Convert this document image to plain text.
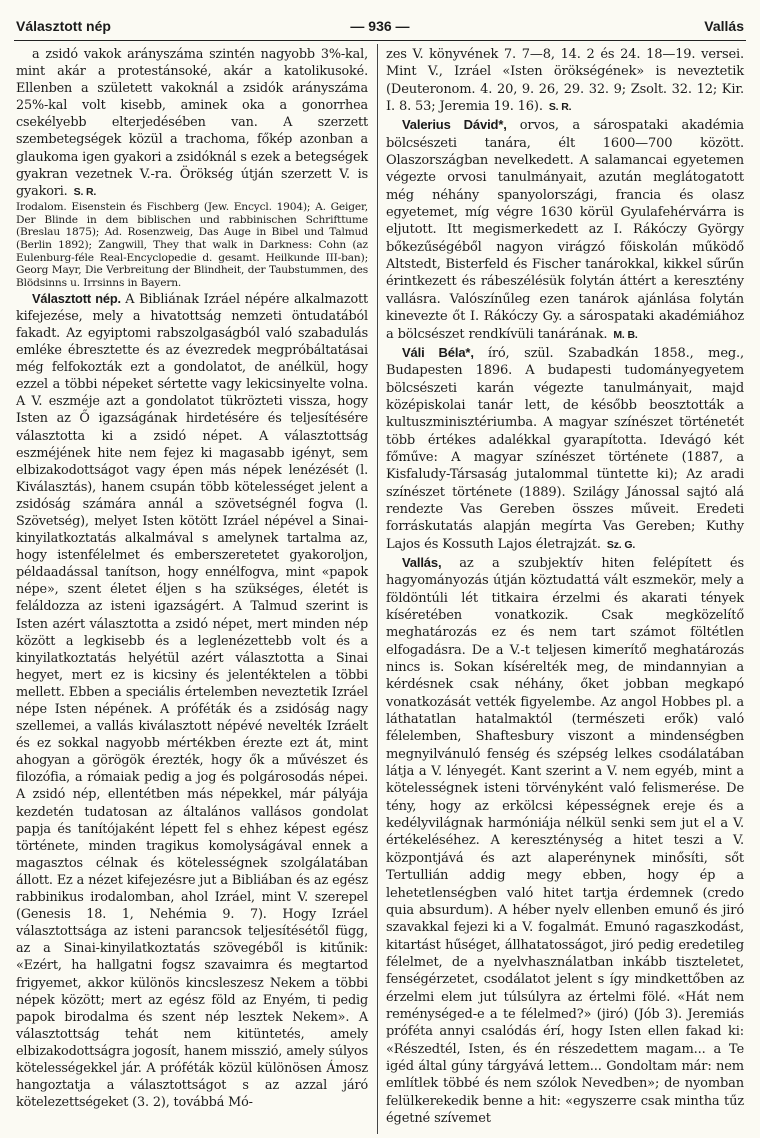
Választott nép	— 936 —	Vallás

a zsidó vakok arányszáma szintén nagyobb 3%-kal, mint akár a protestánsoké, akár a katolikusoké. Ellenben a született vakoknál a zsidók arányszáma 25%-kal volt kisebb, aminek oka a gonorrhea csekélyebb elterjedésében van. A szerzett szembetegségek közül a trachoma, főkép azonban a glaukoma igen gyakori a zsidóknál s ezek a betegségek gyakran vezetnek V.-ra. Örökség útján szerzett V. is gyakori. S. R.

Irodalom. Eisenstein és Fischberg (Jew. Encycl. 1904); A. Geiger, Der Blinde in dem biblischen und rabbinischen Schrifttume (Breslau 1875); Ad. Rosenzweig, Das Auge in Bibel und Talmud (Berlin 1892); Zangwill, They that walk in Darkness: Cohn (az Eulenburg-féle Real-Encyclopedie d. gesamt. Heilkunde III-ban); Georg Mayr, Die Verbreitung der Blindheit, der Taubstummen, des Blödsinns u. Irrsinns in Bayern.

Választott nép. A Bibliának Izráel népére alkalmazott kifejezése, mely a hivatottság nemzeti öntudatából fakadt. Az egyiptomi rabszolgaságból való szabadulás emléke ébresztette és az évezredek megpróbáltatásai még felfokozták ezt a gondolatot, de anélkül, hogy ezzel a többi népeket sértette vagy lekicsinyelte volna. A V. eszméje azt a gondolatot tükrözteti vissza, hogy Isten az Ő igazságának hirdetésére és teljesítésére választotta ki a zsidó népet. A választottság eszméjének hite nem fejez ki magasabb igényt, sem elbizakodottságot vagy épen más népek lenézését (l. Kiválasztás), hanem csupán több kötelességet jelent a zsidóság számára annál a szövetségnél fogva (l. Szövetség), melyet Isten kötött Izráel népével a Sinai-kinyilatkoztatás alkalmával s amelynek tartalma az, hogy istenfélelmet és emberszeretetet gyakoroljon, példaadással tanítson, hogy ennélfogva, mint «papok népe», szent életet éljen s ha szükséges, életét is feláldozza az isteni igazságért. A Talmud szerint is Isten azért választotta a zsidó népet, mert minden nép között a legkisebb és a leglenézettebb volt és a kinyilatkoztatás helyétül azért választotta a Sinai hegyet, mert ez is kicsiny és jelentéktelen a többi mellett. Ebben a speciális értelemben neveztetik Izráel népe Isten népének. A próféták és a zsidóság nagy szellemei, a vallás kiválasztott népévé nevelték Izráelt és ez sokkal nagyobb mértékben érezte ezt át, mint ahogyan a görögök érezték, hogy ők a művészet és filozófia, a rómaiak pedig a jog és polgárosodás népei. A zsidó nép, ellentétben más népekkel, már pályája kezdetén tudatosan az általános vallásos gondolat papja és tanítójaként lépett fel s ehhez képest egész története, minden tragikus komolyságával ennek a magasztos célnak és kötelességnek szolgálatában állott. Ez a nézet kifejezésre jut a Bibliában és az egész rabbinikus irodalomban, ahol Izráel, mint V. szerepel (Genesis 18. 1, Nehémia 9. 7). Hogy Izráel választottsága az isteni parancsok teljesítésétől függ, az a Sinai-kinyilatkoztatás szövegéből is kitűnik: «Ezért, ha hallgatni fogsz szavaimra és megtartod frigyemet, akkor különös kincsleszesz Nekem a többi népek között; mert az egész föld az Enyém, ti pedig papok birodalma és szent nép lesztek Nekem». A választottság tehát nem kitüntetés, amely elbizakodottságra jogosít, hanem misszió, amely súlyos kötelességekkel jár. A próféták közül különösen Ámosz hangoztatja a választottságot s az azzal járó kötelezettségeket (3. 2), továbbá Mó-

zes V. könyvének 7. 7—8, 14. 2 és 24. 18—19. versei. Mint V., Izráel «Isten örökségének» is neveztetik (Deuteronom. 4. 20, 9. 26, 29. 32. 9; Zsolt. 32. 12; Kir. I. 8. 53; Jeremia 19. 16). S. R.

Valerius Dávid*, orvos, a sárospataki akadémia bölcsészeti tanára, élt 1600—700 között. Olaszországban nevelkedett. A salamancai egyetemen végezte orvosi tanulmányait, azután meglátogatott még néhány spanyolországi, francia és olasz egyetemet, míg végre 1630 körül Gyulafehérvárra is eljutott. Itt megismerkedett az I. Rákóczy György bőkezűségéből nagyon virágzó főiskolán működő Altstedt, Bisterfeld és Fischer tanárokkal, kikkel sűrűn érintkezett és rábeszélésük folytán áttért a keresztény vallásra. Valószínűleg ezen tanárok ajánlása folytán kinevezte őt I. Rákóczy Gy. a sárospataki akadémiához a bölcsészet rendkívüli tanárának. M. B.

Váli Béla*, író, szül. Szabadkán 1858., meg., Budapesten 1896. A budapesti tudományegyetem bölcsészeti karán végezte tanulmányait, majd középiskolai tanár lett, de később beosztották a kultuszminisztériumba. A magyar színészet történetét több értékes adalékkal gyarapította. Idevágó két főműve: A magyar színészet története (1887, a Kisfaludy-Társaság jutalommal tüntette ki); Az aradi színészet története (1889). Szilágy Jánossal sajtó alá rendezte Vas Gereben összes műveit. Eredeti forráskutatás alapján megírta Vas Gereben; Kuthy Lajos és Kossuth Lajos életrajzát. Sz. G.

Vallás, az a szubjektív hiten felépített és hagyományozás útján köztudattá vált eszmekör, mely a földöntúli lét titkaira érzelmi és akarati tények kíséretében vonatkozik. Csak megközelítő meghatározás ez és nem tart számot föltétlen elfogadásra. De a V.-t teljesen kimerítő meghatározás nincs is. Sokan kísérelték meg, de mindannyian a kérdésnek csak néhány, őket jobban megkapó vonatkozását vették figyelembe. Az angol Hobbes pl. a láthatatlan hatalmaktól (természeti erők) való félelemben, Shaftesbury viszont a mindenségben megnyilvánuló fenség és szépség lelkes csodálatában látja a V. lényegét. Kant szerint a V. nem egyéb, mint a kötelességnek isteni törvényként való felismerése. De tény, hogy az erkölcsi képességnek ereje és a kedélyvilágnak harmóniája nélkül senki sem jut el a V. értékeléséhez. A kereszténység a hitet teszi a V. központjává és azt alaperénynek minősíti, sőt Tertullián addig megy ebben, hogy ép a lehetetlenségben való hitet tartja érdemnek (credo quia absurdum). A héber nyelv ellenben emunő és jiró szavakkal fejezi ki a V. fogalmát. Emunó ragaszkodást, kitartást hűséget, állhatatosságot, jiró pedig eredetileg félelmet, de a nyelvhasználatban inkább tiszteletet, fenségérzetet, csodálatot jelent s így mindkettőben az érzelmi elem jut túlsúlyra az értelmi fölé. «Hát nem reménységed-e a te félelmed?» (jiró) (Jób 3). Jeremiás próféta annyi csalódás érí, hogy Isten ellen fakad ki: «Részedtél, Isten, és én részedettem magam... a Te igéd által gúny tárgyává lettem... Gondoltam már: nem említlek többé és nem szólok Nevedben»; de nyomban felülkerekedik benne a hit: «egyszerre csak mintha tűz égetné szívemet
